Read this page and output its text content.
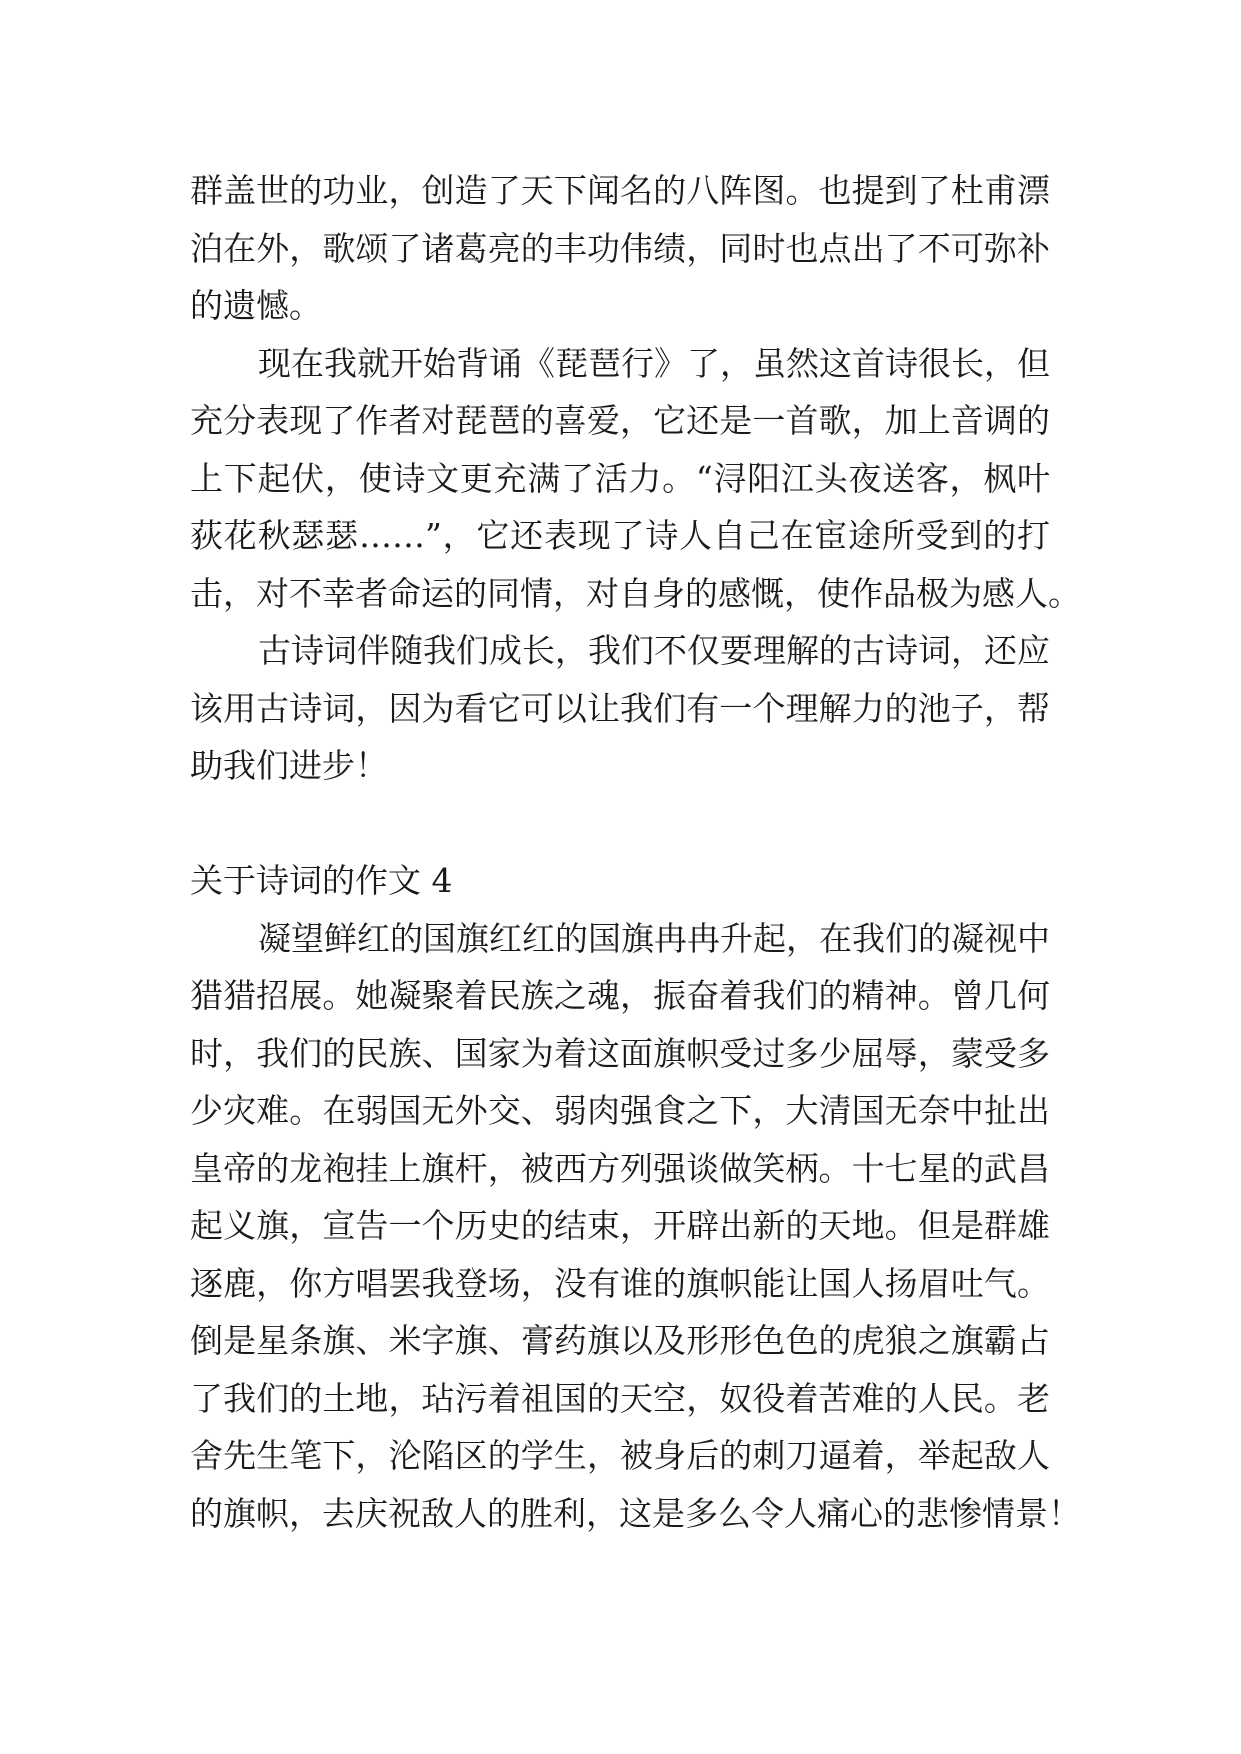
群盖世的功业，创造了天下闻名的八阵图。也提到了杜甫漂
泊在外，歌颂了诸葛亮的丰功伟绩，同时也点出了不可弥补
的遗憾。
现在我就开始背诵《琵琶行》了，虽然这首诗很长，但
充分表现了作者对琵琶的喜爱，它还是一首歌，加上音调的
上下起伏，使诗文更充满了活力。“浔阳江头夜送客，枫叶
荻花秋瑟瑟……”，它还表现了诗人自己在宦途所受到的打
击，对不幸者命运的同情，对自身的感慨，使作品极为感人。
古诗词伴随我们成长，我们不仅要理解的古诗词，还应
该用古诗词，因为看它可以让我们有一个理解力的池子，帮
助我们进步！
关于诗词的作文 4
凝望鲜红的国旗红红的国旗冉冉升起，在我们的凝视中
猎猎招展。她凝聚着民族之魂，振奋着我们的精神。曾几何
时，我们的民族、国家为着这面旗帜受过多少屈辱，蒙受多
少灾难。在弱国无外交、弱肉强食之下，大清国无奈中扯出
皇帝的龙袍挂上旗杆，被西方列强谈做笑柄。十七星的武昌
起义旗，宣告一个历史的结束，开辟出新的天地。但是群雄
逐鹿，你方唱罢我登场，没有谁的旗帜能让国人扬眉吐气。
倒是星条旗、米字旗、膏药旗以及形形色色的虎狼之旗霸占
了我们的土地，玷污着祖国的天空，奴役着苦难的人民。老
舍先生笔下，沦陷区的学生，被身后的刺刀逼着，举起敌人
的旗帜，去庆祝敌人的胜利，这是多么令人痛心的悲惨情景！
